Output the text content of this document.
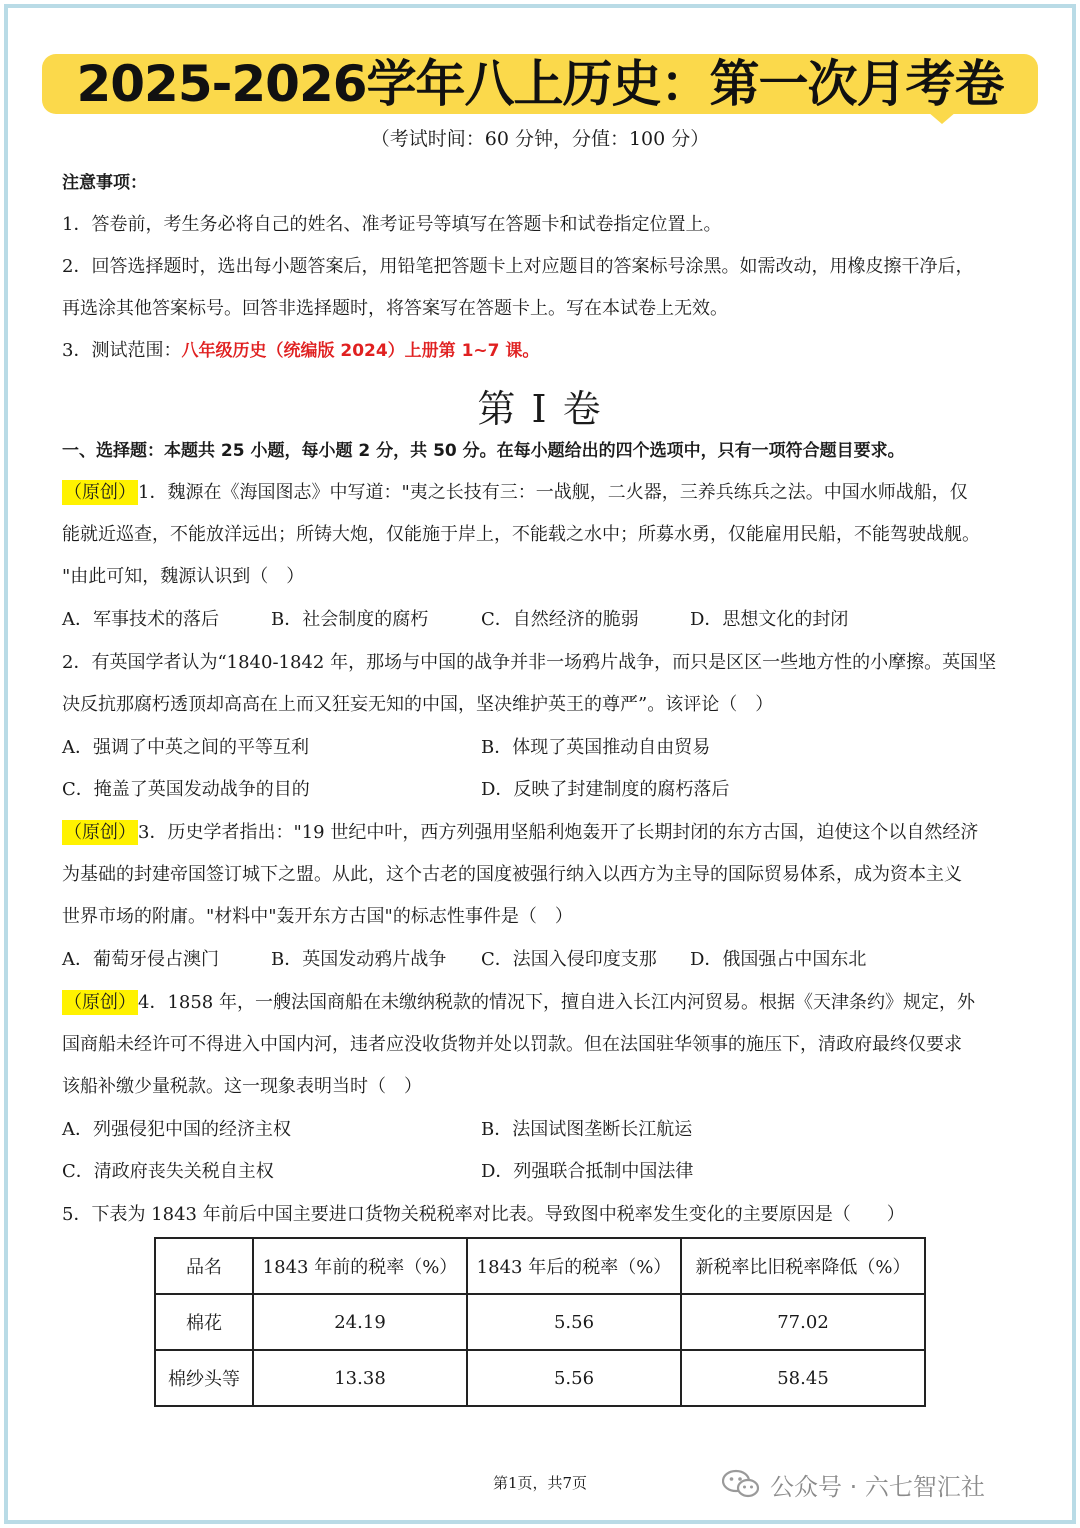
2025-2026学年八上历史：第一次月考卷
（考试时间：60 分钟，分值：100 分）
注意事项：
1．答卷前，考生务必将自己的姓名、准考证号等填写在答题卡和试卷指定位置上。
2．回答选择题时，选出每小题答案后，用铅笔把答题卡上对应题目的答案标号涂黑。如需改动，用橡皮擦干净后，
再选涂其他答案标号。回答非选择题时，将答案写在答题卡上。写在本试卷上无效。
3．测试范围：八年级历史（统编版 2024）上册第 1~7 课。
第 I 卷
一、选择题：本题共 25 小题，每小题 2 分，共 50 分。在每小题给出的四个选项中，只有一项符合题目要求。
（原创） 1．魏源在《海国图志》中写道："夷之长技有三：一战舰，二火器，三养兵练兵之法。中国水师战船，仅
能就近巡查，不能放洋远出；所铸大炮，仅能施于岸上，不能载之水中；所募水勇，仅能雇用民船，不能驾驶战舰。
"由此可知，魏源认识到（　）
A．军事技术的落后	B．社会制度的腐朽	C．自然经济的脆弱	D．思想文化的封闭
2．有英国学者认为“1840-1842 年，那场与中国的战争并非一场鸦片战争，而只是区区一些地方性的小摩擦。英国坚
决反抗那腐朽透顶却高高在上而又狂妄无知的中国，坚决维护英王的尊严”。该评论（　）
A．强调了中英之间的平等互利	B．体现了英国推动自由贸易
C．掩盖了英国发动战争的目的	D．反映了封建制度的腐朽落后
（原创） 3．历史学者指出："19 世纪中叶，西方列强用坚船利炮轰开了长期封闭的东方古国，迫使这个以自然经济
为基础的封建帝国签订城下之盟。从此，这个古老的国度被强行纳入以西方为主导的国际贸易体系，成为资本主义
世界市场的附庸。"材料中"轰开东方古国"的标志性事件是（　）
A．葡萄牙侵占澳门	B．英国发动鸦片战争 C．法国入侵印度支那 D．俄国强占中国东北
（原创） 4．1858 年，一艘法国商船在未缴纳税款的情况下，擅自进入长江内河贸易。根据《天津条约》规定，外
国商船未经许可不得进入中国内河，违者应没收货物并处以罚款。但在法国驻华领事的施压下，清政府最终仅要求
该船补缴少量税款。这一现象表明当时（　）
A．列强侵犯中国的经济主权	B．法国试图垄断长江航运
C．清政府丧失关税自主权	D．列强联合抵制中国法律
5．下表为 1843 年前后中国主要进口货物关税税率对比表。导致图中税率发生变化的主要原因是（　　）
品名	1843 年前的税率（%）	1843 年后的税率（%）	新税率比旧税率降低（%）
棉花	24.19	5.56	77.02
棉纱头等	13.38	5.56	58.45
第1页，共7页	公众号 · 六七智汇社
